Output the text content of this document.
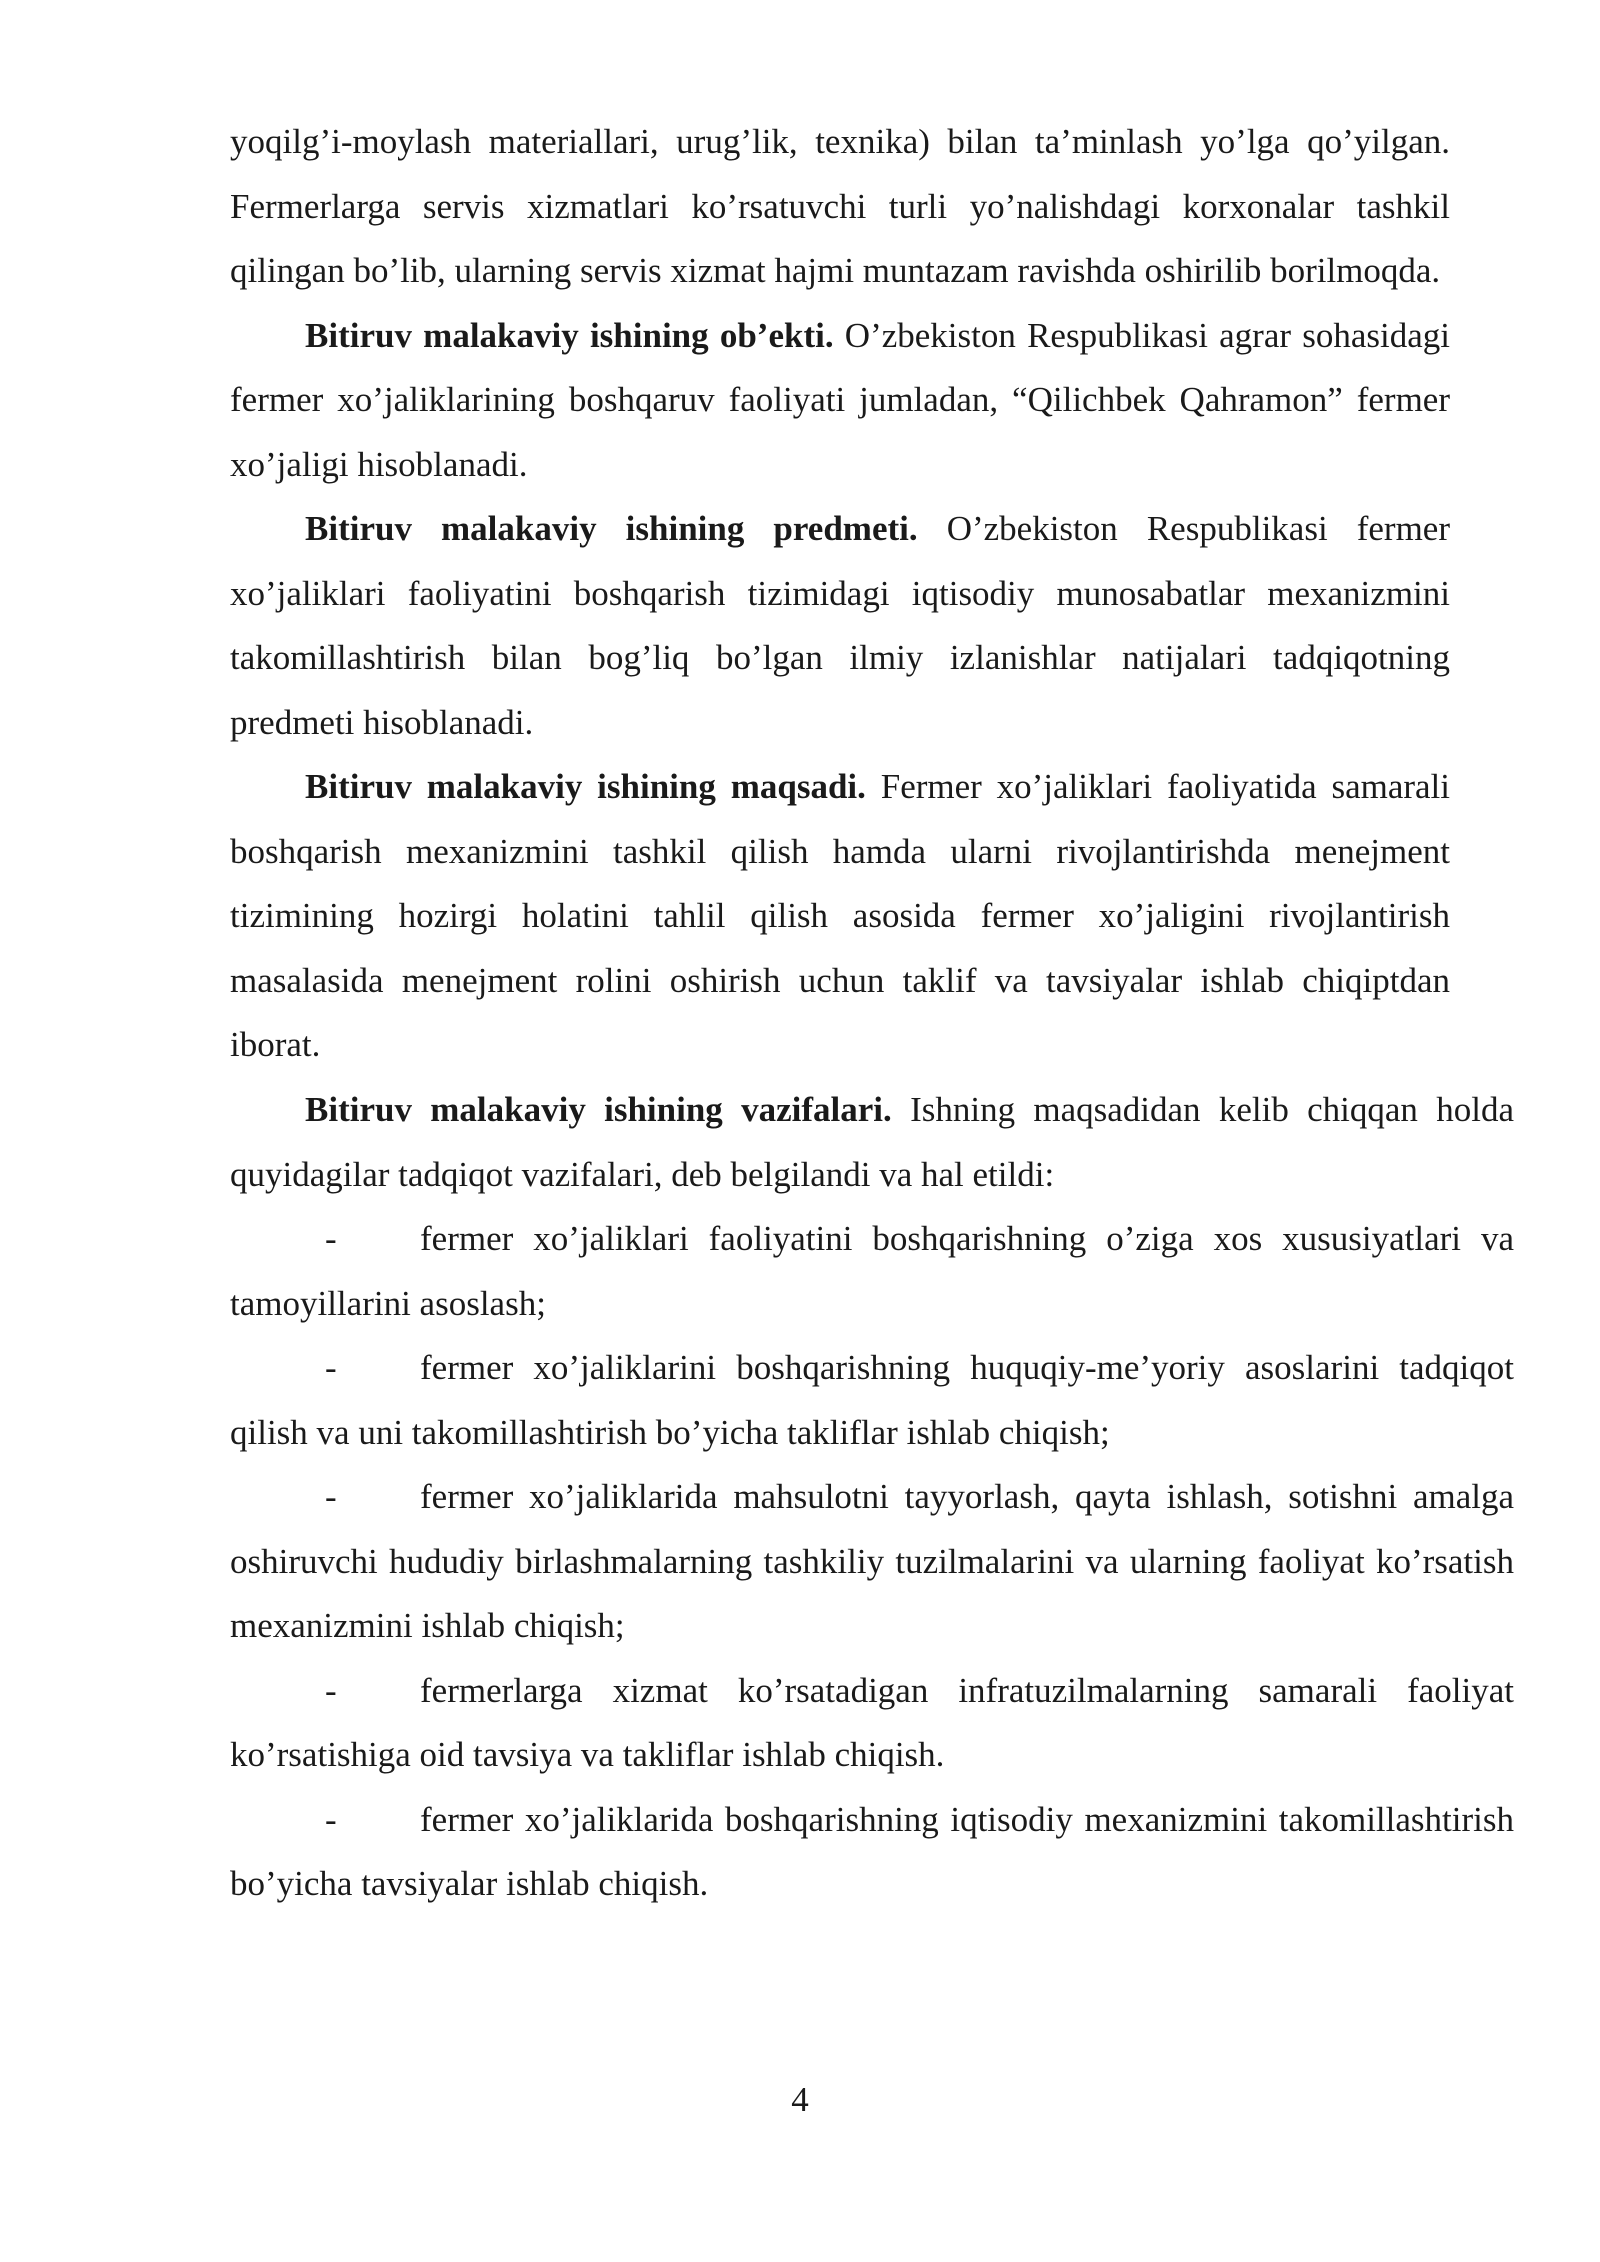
yoqilg’i-moylash materiallari, urug’lik, texnika) bilan ta’minlash yo’lga qo’yilgan. Fermerlarga servis xizmatlari ko’rsatuvchi turli yo’nalishdagi korxonalar tashkil qilingan bo’lib, ularning servis xizmat hajmi muntazam ravishda oshirilib borilmoqda.

Bitiruv malakaviy ishining ob’ekti. O’zbekiston Respublikasi agrar sohasidagi fermer xo’jaliklarining boshqaruv faoliyati jumladan, “Qilichbek Qahramon” fermer xo’jaligi hisoblanadi.

Bitiruv malakaviy ishining predmeti. O’zbekiston Respublikasi fermer xo’jaliklari faoliyatini boshqarish tizimidagi iqtisodiy munosabatlar mexanizmini takomillashtirish bilan bog’liq bo’lgan ilmiy izlanishlar natijalari tadqiqotning predmeti hisoblanadi.

Bitiruv malakaviy ishining maqsadi. Fermer xo’jaliklari faoliyatida samarali boshqarish mexanizmini tashkil qilish hamda ularni rivojlantirishda menejment tizimining hozirgi holatini tahlil qilish asosida fermer xo’jaligini rivojlantirish masalasida menejment rolini oshirish uchun taklif va tavsiyalar ishlab chiqiptdan iborat.

Bitiruv malakaviy ishining vazifalari. Ishning maqsadidan kelib chiqqan holda quyidagilar tadqiqot vazifalari, deb belgilandi va hal etildi:

- fermer xo’jaliklari faoliyatini boshqarishning o’ziga xos xususiyatlari va tamoyillarini asoslash;
- fermer xo’jaliklarini boshqarishning huquqiy-me’yoriy asoslarini tadqiqot qilish va uni takomillashtirish bo’yicha takliflar ishlab chiqish;
- fermer xo’jaliklarida mahsulotni tayyorlash, qayta ishlash, sotishni amalga oshiruvchi hududiy birlashmalarning tashkiliy tuzilmalarini va ularning faoliyat ko’rsatish mexanizmini ishlab chiqish;
- fermerlarga xizmat ko’rsatadigan infratuzilmalarning samarali faoliyat ko’rsatishiga oid tavsiya va takliflar ishlab chiqish.
- fermer xo’jaliklarida boshqarishning iqtisodiy mexanizmini takomillashtirish bo’yicha tavsiyalar ishlab chiqish.
4
